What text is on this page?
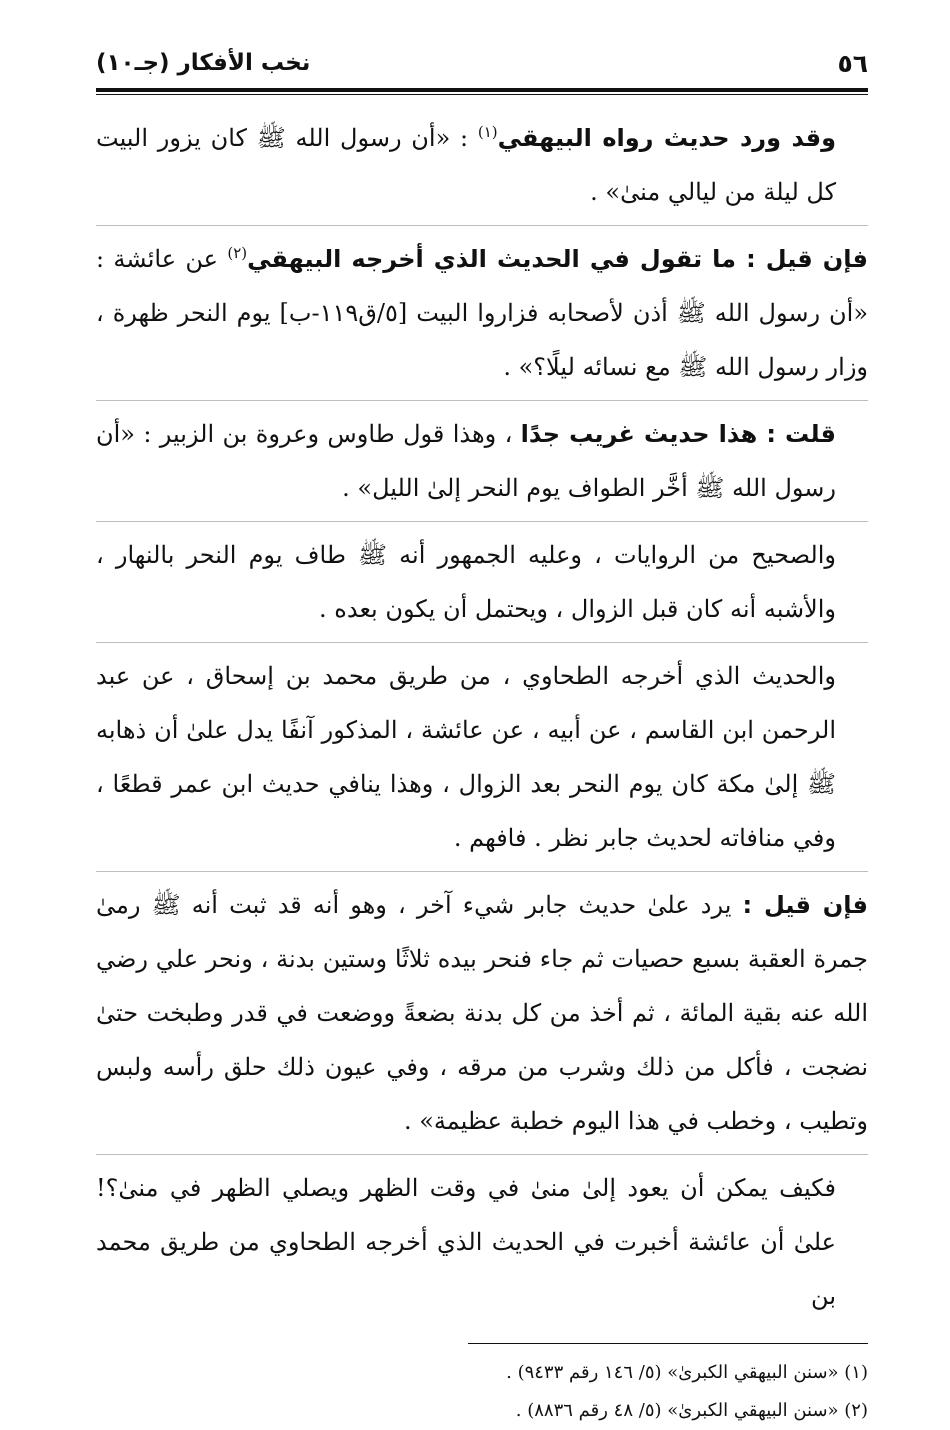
٥٦
نخب الأفكار (جـ١٠)

وقد ورد حديث رواه البيهقي$^{(١)}$ : «أن رسول الله ﷺ كان يزور البيت كل ليلة من ليالي منىٰ» .

فإن قيل : ما تقول في الحديث الذي أخرجه البيهقي$^{(٢)}$ عن عائشة : «أن رسول الله ﷺ أذن لأصحابه فزاروا البيت [٥/ق١١٩-ب] يوم النحر ظهرة ، وزار رسول الله ﷺ مع نسائه ليلًا؟» .

قلت : هذا حديث غريب جدًا ، وهذا قول طاوس وعروة بن الزبير : «أن رسول الله ﷺ أخَّر الطواف يوم النحر إلىٰ الليل» .

والصحيح من الروايات ، وعليه الجمهور أنه ﷺ طاف يوم النحر بالنهار ، والأشبه أنه كان قبل الزوال ، ويحتمل أن يكون بعده .

والحديث الذي أخرجه الطحاوي ، من طريق محمد بن إسحاق ، عن عبد الرحمن ابن القاسم ، عن أبيه ، عن عائشة ، المذكور آنفًا يدل علىٰ أن ذهابه ﷺ إلىٰ مكة كان يوم النحر بعد الزوال ، وهذا ينافي حديث ابن عمر قطعًا ، وفي منافاته لحديث جابر نظر . فافهم .

فإن قيل : يرد علىٰ حديث جابر شيء آخر ، وهو أنه قد ثبت أنه ﷺ رمىٰ جمرة العقبة بسبع حصيات ثم جاء فنحر بيده ثلاثًا وستين بدنة ، ونحر علي رضي الله عنه بقية المائة ، ثم أخذ من كل بدنة بضعةً ووضعت في قدر وطبخت حتىٰ نضجت ، فأكل من ذلك وشرب من مرقه ، وفي عيون ذلك حلق رأسه ولبس وتطيب ، وخطب في هذا اليوم خطبة عظيمة» .

فكيف يمكن أن يعود إلىٰ منىٰ في وقت الظهر ويصلي الظهر في منىٰ؟! علىٰ أن عائشة أخبرت في الحديث الذي أخرجه الطحاوي من طريق محمد بن

(١) «سنن البيهقي الكبرىٰ» (٥/ ١٤٦ رقم ٩٤٣٣) .

(٢) «سنن البيهقي الكبرىٰ» (٥/ ٤٨ رقم ٨٨٣٦) .
